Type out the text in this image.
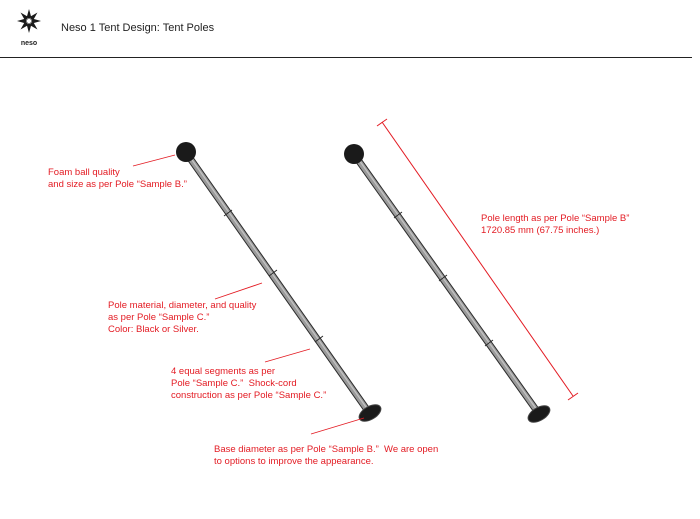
neso
Neso 1 Tent Design: Tent Poles
Foam ball quality
and size as per Pole “Sample B.”
Pole material, diameter, and quality
as per Pole “Sample C.”
Color: Black or Silver.
4 equal segments as per
Pole “Sample C.”  Shock-cord
construction as per Pole “Sample C.”
Base diameter as per Pole “Sample B.”  We are open
to options to improve the appearance.
Pole length as per Pole “Sample B”
1720.85 mm (67.75 inches.)
